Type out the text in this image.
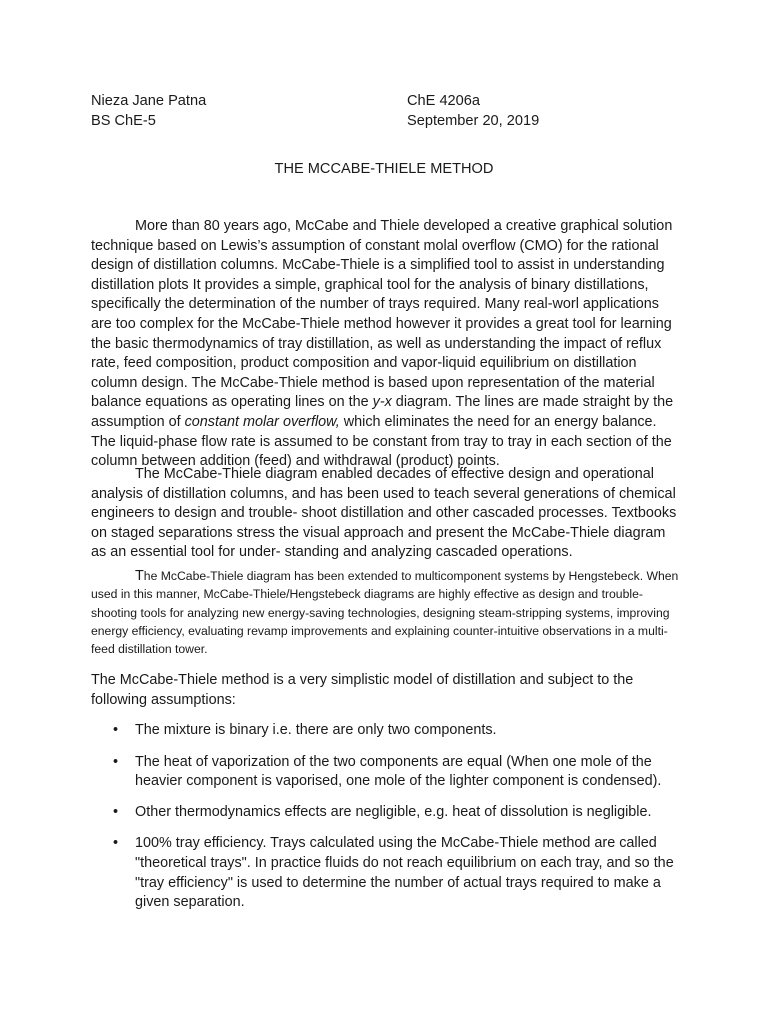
Nieza Jane Patna
BS ChE-5
ChE 4206a
September 20, 2019
THE MCCABE-THIELE METHOD

More than 80 years ago, McCabe and Thiele developed a creative graphical solution technique based on Lewis’s assumption of constant molal overflow (CMO) for the rational design of distillation columns. McCabe-Thiele is a simplified tool to assist in understanding distillation plots It provides a simple, graphical tool for the analysis of binary distillations, specifically the determination of the number of trays required. Many real-worl applications are too complex for the McCabe-Thiele method however it provides a great tool for learning the basic thermodynamics of tray distillation, as well as understanding the impact of reflux rate, feed composition, product composition and vapor-liquid equilibrium on distillation column design. The McCabe-Thiele method is based upon representation of the material balance equations as operating lines on the y-x diagram. The lines are made straight by the assumption of constant molar overflow, which eliminates the need for an energy balance. The liquid-phase flow rate is assumed to be constant from tray to tray in each section of the column between addition (feed) and withdrawal (product) points.

The McCabe-Thiele diagram enabled decades of effective design and operational analysis of distillation columns, and has been used to teach several generations of chemical engineers to design and trouble- shoot distillation and other cascaded processes. Textbooks on staged separations stress the visual approach and present the McCabe-Thiele diagram as an essential tool for under- standing and analyzing cascaded operations.

The McCabe-Thiele diagram has been extended to multicomponent systems by Hengstebeck. When used in this manner, McCabe-Thiele/Hengstebeck diagrams are highly effective as design and trouble- shooting tools for analyzing new energy-saving technologies, designing steam-stripping systems, improving energy efficiency, evaluating revamp improvements and explaining counter-intuitive observations in a multi-feed distillation tower.

The McCabe-Thiele method is a very simplistic model of distillation and subject to the following assumptions:

• The mixture is binary i.e. there are only two components.
• The heat of vaporization of the two components are equal (When one mole of the heavier component is vaporised, one mole of the lighter component is condensed).
• Other thermodynamics effects are negligible, e.g. heat of dissolution is negligible.
• 100% tray efficiency. Trays calculated using the McCabe-Thiele method are called "theoretical trays". In practice fluids do not reach equilibrium on each tray, and so the "tray efficiency" is used to determine the number of actual trays required to make a given separation.
